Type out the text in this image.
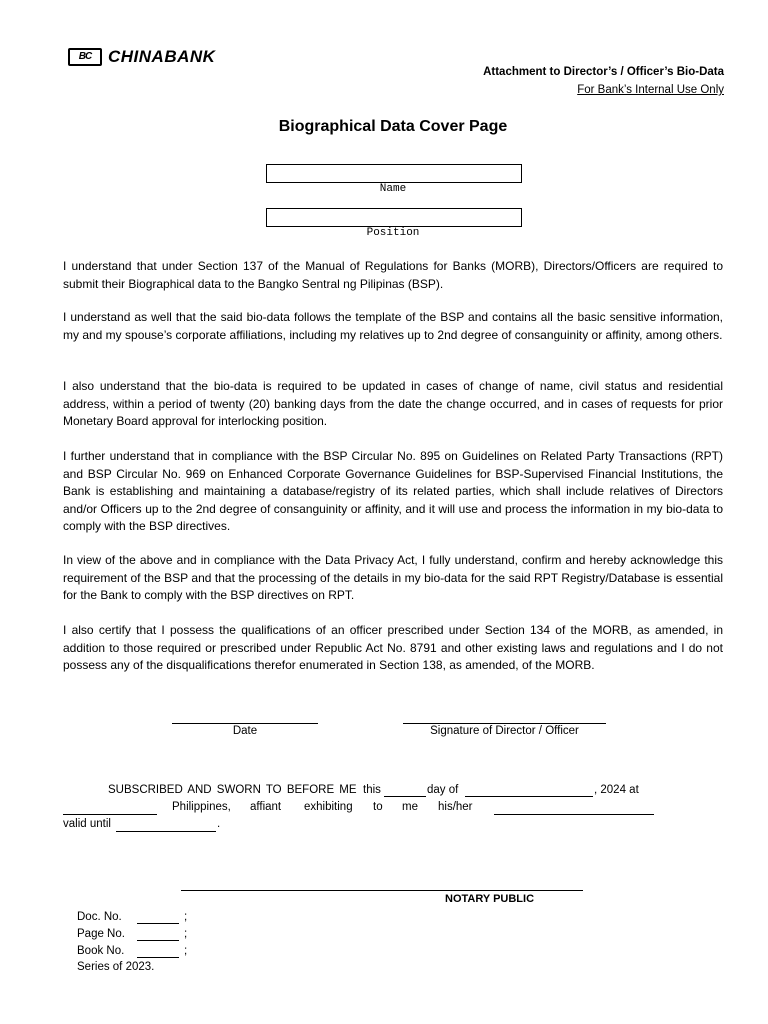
BC CHINABANK
Attachment to Director’s / Officer’s Bio-Data
For Bank’s Internal Use Only
Biographical Data Cover Page
Name
Position
I understand that under Section 137 of the Manual of Regulations for Banks (MORB), Directors/Officers are required to submit their Biographical data to the Bangko Sentral ng Pilipinas (BSP).
I understand as well that the said bio-data follows the template of the BSP and contains all the basic sensitive information, my and my spouse’s corporate affiliations, including my relatives up to 2nd degree of consanguinity or affinity, among others.
I also understand that the bio-data is required to be updated in cases of change of name, civil status and residential address, within a period of twenty (20) banking days from the date the change occurred, and in cases of requests for prior Monetary Board approval for interlocking position.
I further understand that in compliance with the BSP Circular No. 895 on Guidelines on Related Party Transactions (RPT) and BSP Circular No. 969 on Enhanced Corporate Governance Guidelines for BSP-Supervised Financial Institutions, the Bank is establishing and maintaining a database/registry of its related parties, which shall include relatives of Directors and/or Officers up to the 2nd degree of consanguinity or affinity, and it will use and process the information in my bio-data to comply with the BSP directives.
In view of the above and in compliance with the Data Privacy Act, I fully understand, confirm and hereby acknowledge this requirement of the BSP and that the processing of the details in my bio-data for the said RPT Registry/Database is essential for the Bank to comply with the BSP directives on RPT.
I also certify that I possess the qualifications of an officer prescribed under Section 134 of the MORB, as amended, in addition to those required or prescribed under Republic Act No. 8791 and other existing laws and regulations and I do not possess any of the disqualifications therefor enumerated in Section 138, as amended, of the MORB.
Date	Signature of Director / Officer
SUBSCRIBED AND SWORN TO BEFORE ME this	day of	, 2024 at
Philippines, affiant exhibiting to me his/her
valid until	.
NOTARY PUBLIC
Doc. No.	;
Page No.	;
Book No.	;
Series of 2023.
